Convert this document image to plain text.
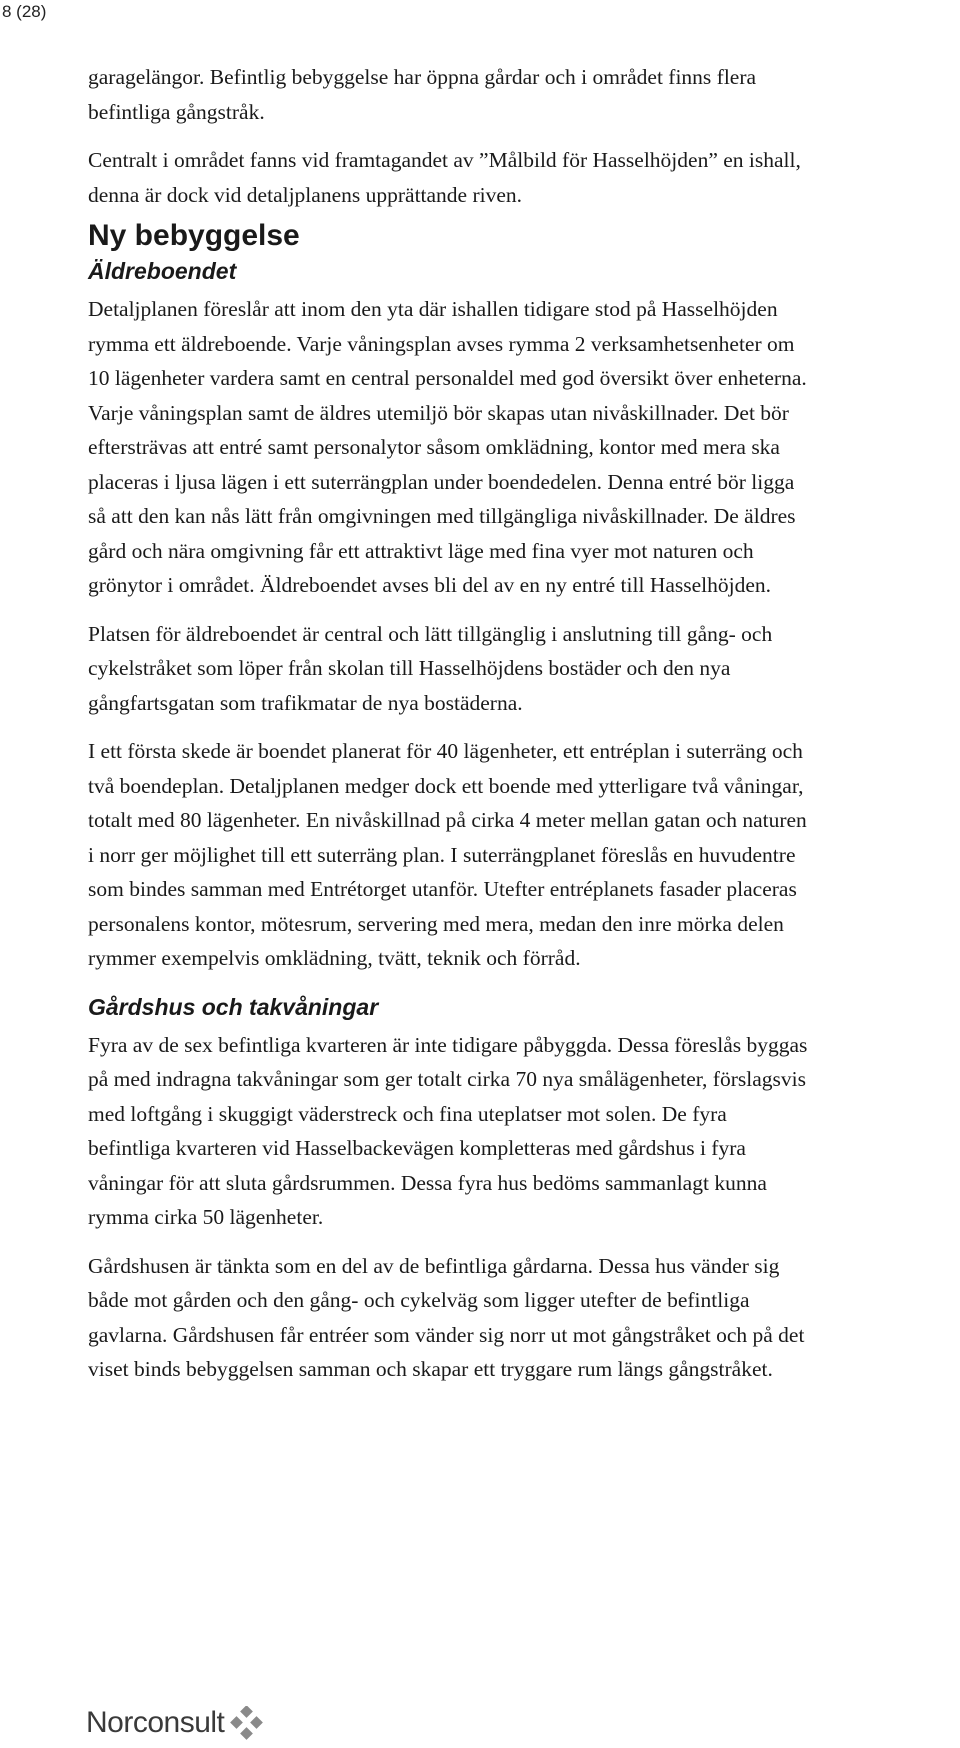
8 (28)

garagelängor. Befintlig bebyggelse har öppna gårdar och i området finns flera
befintliga gångstråk.

Centralt i området fanns vid framtagandet av ”Målbild för Hasselhöjden” en ishall,
denna är dock vid detaljplanens upprättande riven.

Ny bebyggelse
Äldreboendet

Detaljplanen föreslår att inom den yta där ishallen tidigare stod på Hasselhöjden
rymma ett äldreboende. Varje våningsplan avses rymma 2 verksamhetsenheter om
10 lägenheter vardera samt en central personaldel med god översikt över enheterna.
Varje våningsplan samt de äldres utemiljö bör skapas utan nivåskillnader. Det bör
eftersträvas att entré samt personalytor såsom omklädning, kontor med mera ska
placeras i ljusa lägen i ett suterrängplan under boendedelen. Denna entré bör ligga
så att den kan nås lätt från omgivningen med tillgängliga nivåskillnader. De äldres
gård och nära omgivning får ett attraktivt läge med fina vyer mot naturen och
grönytor i området. Äldreboendet avses bli del av en ny entré till Hasselhöjden.

Platsen för äldreboendet är central och lätt tillgänglig i anslutning till gång- och
cykelstråket som löper från skolan till Hasselhöjdens bostäder och den nya
gångfartsgatan som trafikmatar de nya bostäderna.

I ett första skede är boendet planerat för 40 lägenheter, ett entréplan i suterräng och
två boendeplan. Detaljplanen medger dock ett boende med ytterligare två våningar,
totalt med 80 lägenheter. En nivåskillnad på cirka 4 meter mellan gatan och naturen
i norr ger möjlighet till ett suterräng plan. I suterrängplanet föreslås en huvudentre
som bindes samman med Entrétorget utanför. Utefter entréplanets fasader placeras
personalens kontor, mötesrum, servering med mera, medan den inre mörka delen
rymmer exempelvis omklädning, tvätt, teknik och förråd.

Gårdshus och takvåningar

Fyra av de sex befintliga kvarteren är inte tidigare påbyggda. Dessa föreslås byggas
på med indragna takvåningar som ger totalt cirka 70 nya smålägenheter, förslagsvis
med loftgång i skuggigt väderstreck och fina uteplatser mot solen. De fyra
befintliga kvarteren vid Hasselbackevägen kompletteras med gårdshus i fyra
våningar för att sluta gårdsrummen. Dessa fyra hus bedöms sammanlagt kunna
rymma cirka 50 lägenheter.

Gårdshusen är tänkta som en del av de befintliga gårdarna. Dessa hus vänder sig
både mot gården och den gång- och cykelväg som ligger utefter de befintliga
gavlarna. Gårdshusen får entréer som vänder sig norr ut mot gångstråket och på det
viset binds bebyggelsen samman och skapar ett tryggare rum längs gångstråket.

Norconsult
